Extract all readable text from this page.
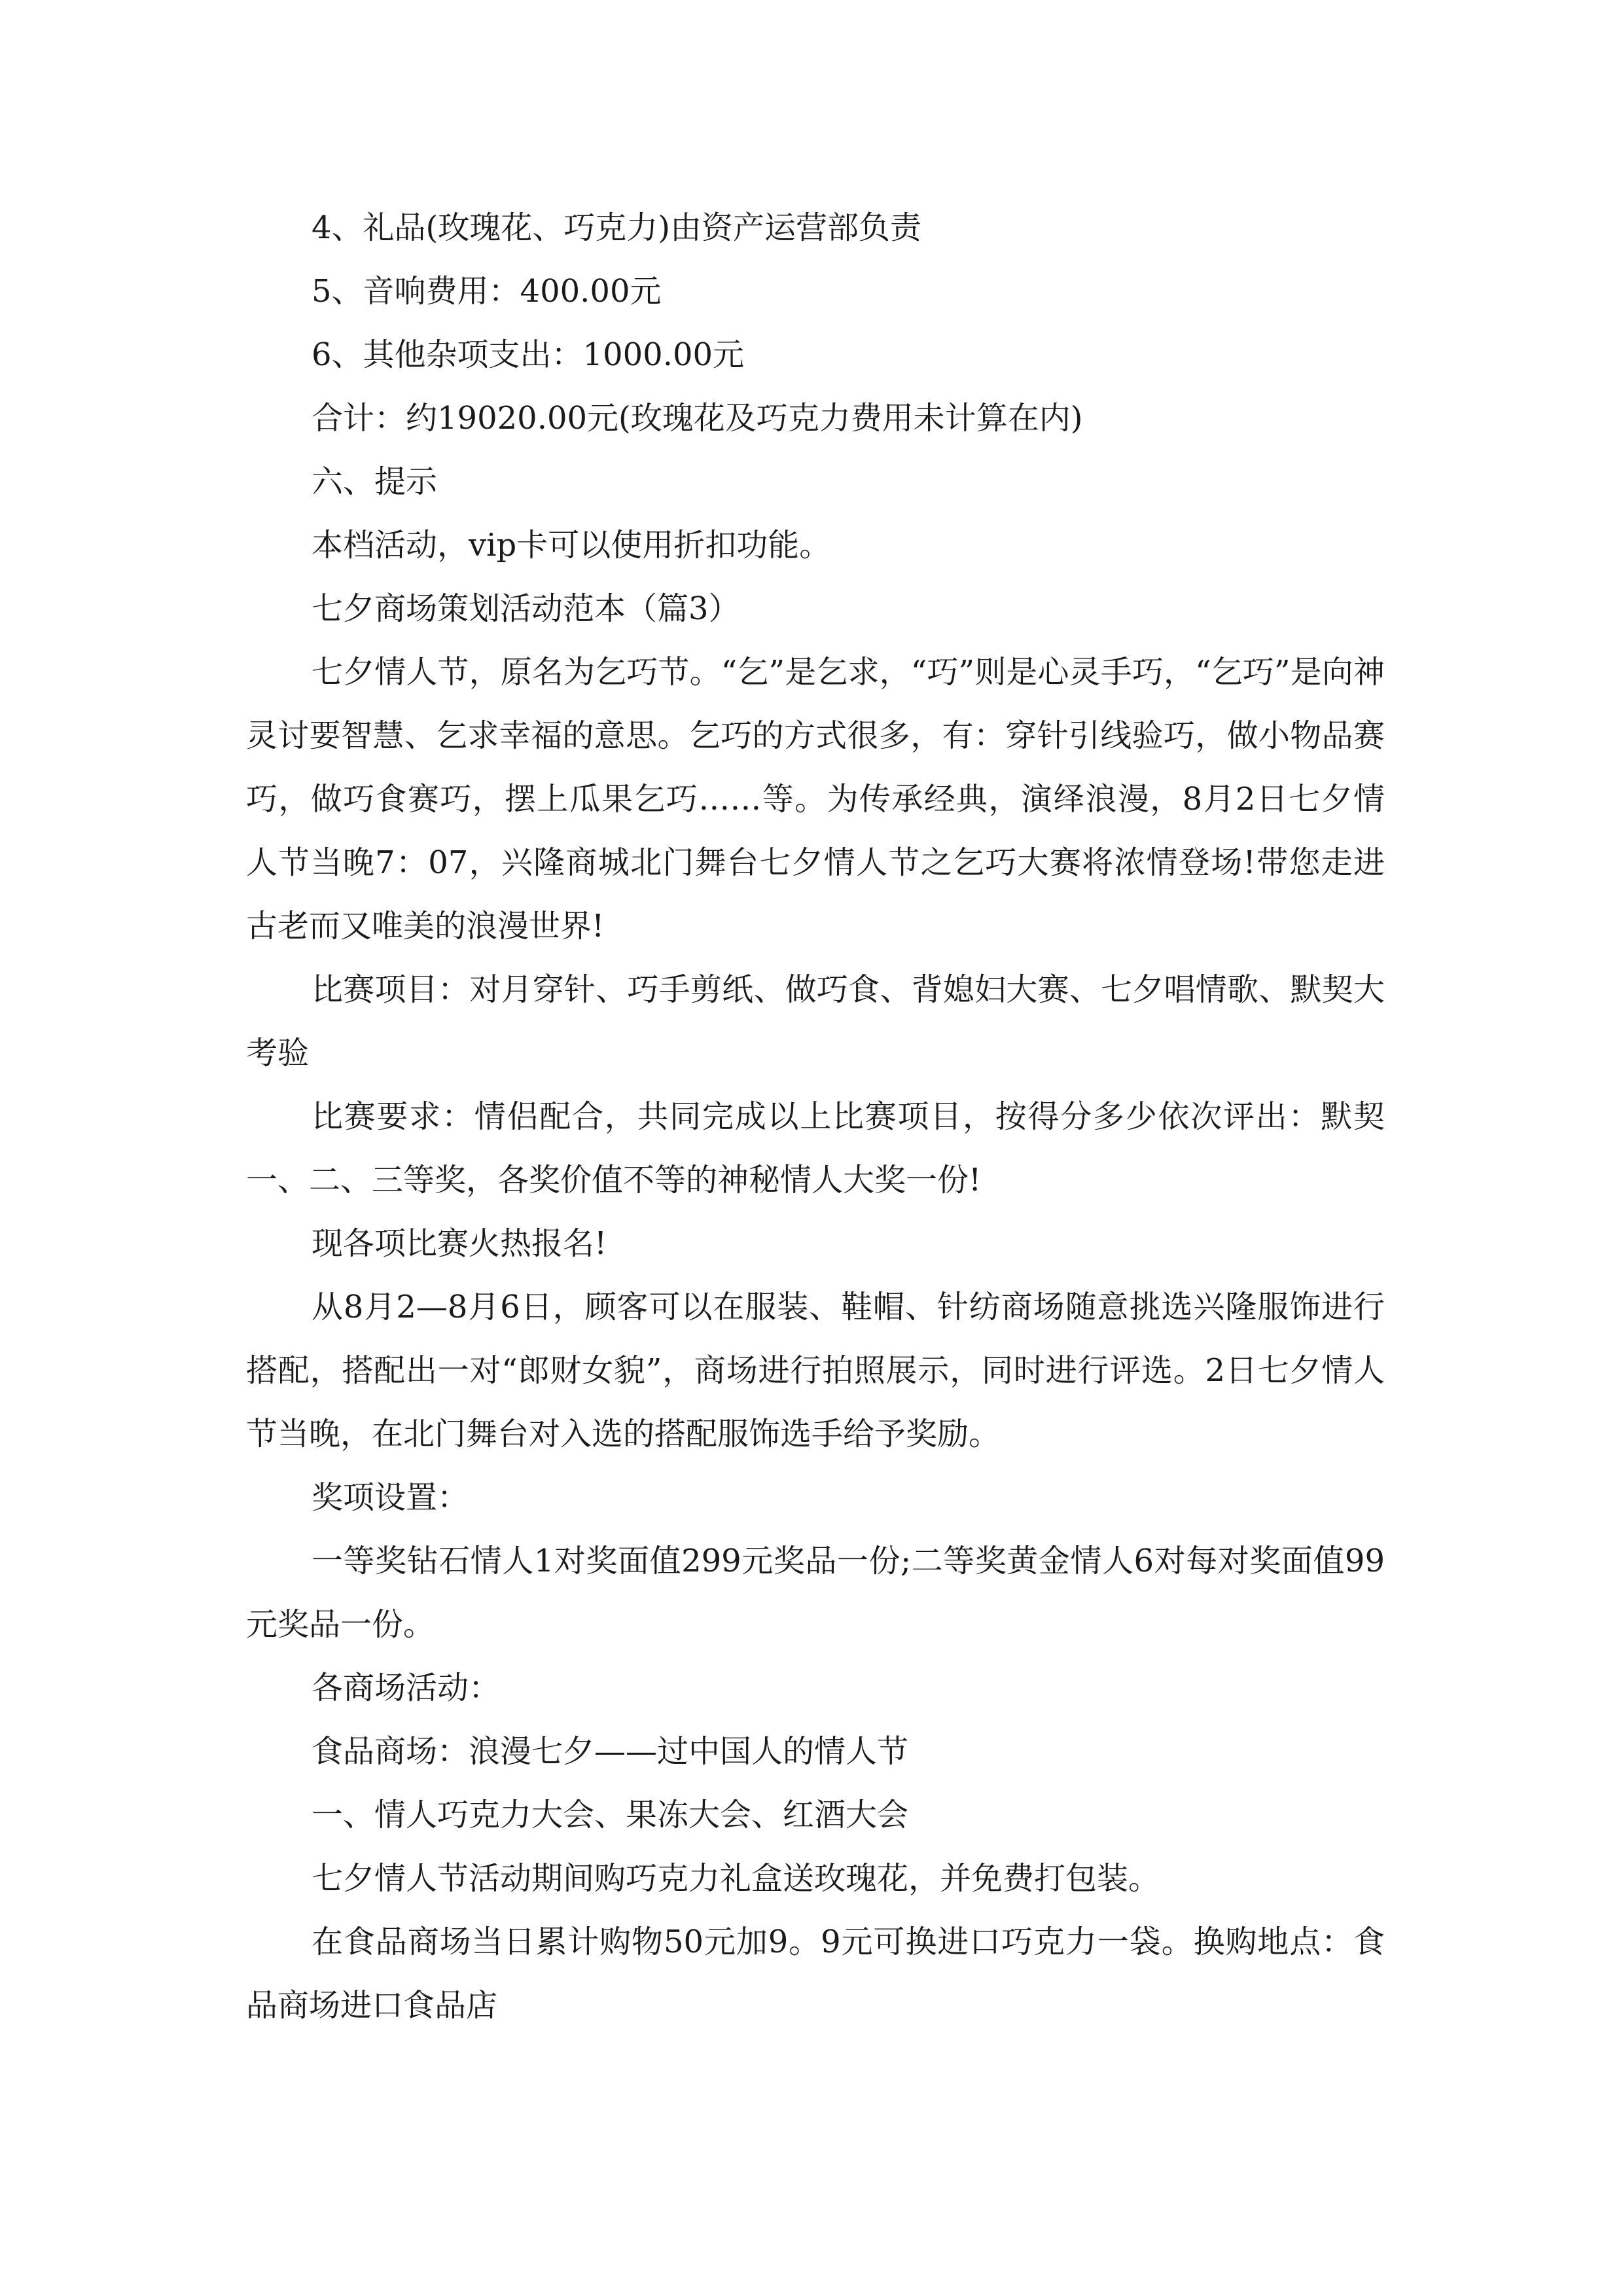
4、礼品(玫瑰花、巧克力)由资产运营部负责

5、音响费用：400.00元

6、其他杂项支出：1000.00元

合计：约19020.00元(玫瑰花及巧克力费用未计算在内)

六、提示

本档活动，vip卡可以使用折扣功能。

七夕商场策划活动范本（篇3）

七夕情人节，原名为乞巧节。“乞”是乞求，“巧”则是心灵手巧，“乞巧”是向神灵讨要智慧、乞求幸福的意思。乞巧的方式很多，有：穿针引线验巧，做小物品赛巧，做巧食赛巧，摆上瓜果乞巧……等。为传承经典，演绎浪漫，8月2日七夕情人节当晚7：07，兴隆商城北门舞台七夕情人节之乞巧大赛将浓情登场!带您走进古老而又唯美的浪漫世界!

比赛项目：对月穿针、巧手剪纸、做巧食、背媳妇大赛、七夕唱情歌、默契大考验

比赛要求：情侣配合，共同完成以上比赛项目，按得分多少依次评出：默契一、二、三等奖，各奖价值不等的神秘情人大奖一份!

现各项比赛火热报名!

从8月2—8月6日，顾客可以在服装、鞋帽、针纺商场随意挑选兴隆服饰进行搭配，搭配出一对“郎财女貌”，商场进行拍照展示，同时进行评选。2日七夕情人节当晚，在北门舞台对入选的搭配服饰选手给予奖励。

奖项设置：

一等奖钻石情人1对奖面值299元奖品一份;二等奖黄金情人6对每对奖面值99元奖品一份。

各商场活动：

食品商场：浪漫七夕——过中国人的情人节

一、情人巧克力大会、果冻大会、红酒大会

七夕情人节活动期间购巧克力礼盒送玫瑰花，并免费打包装。

在食品商场当日累计购物50元加9。9元可换进口巧克力一袋。换购地点：食品商场进口食品店
